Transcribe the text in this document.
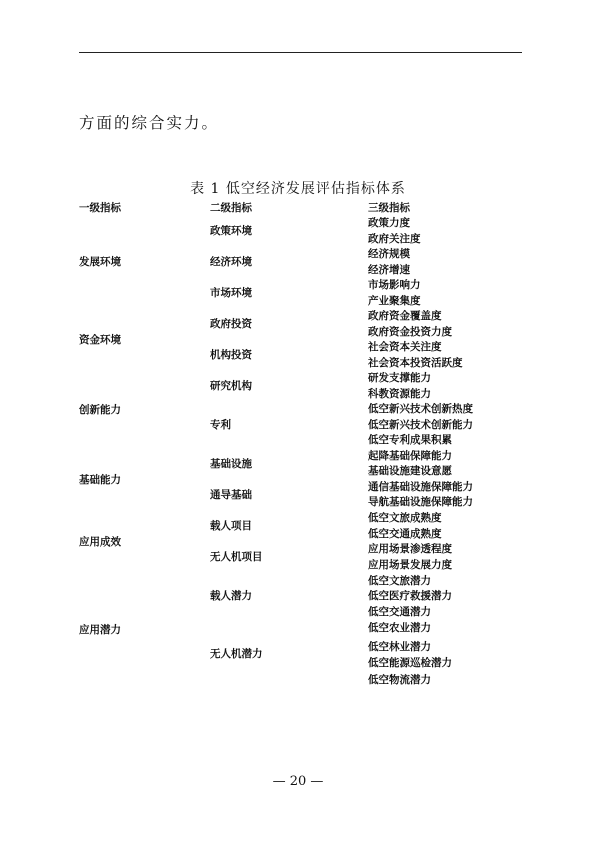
方面的综合实力。
表 1 低空经济发展评估指标体系
一级指标	二级指标	三级指标
发展环境
资金环境
创新能力
基础能力
应用成效
应用潜力
政策环境
经济环境
市场环境
政府投资
机构投资
研究机构
专利
基础设施
通导基础
载人项目
无人机项目
载人潜力
无人机潜力
政策力度
政府关注度
经济规模
经济增速
市场影响力
产业聚集度
政府资金覆盖度
政府资金投资力度
社会资本关注度
社会资本投资活跃度
研发支撑能力
科教资源能力
低空新兴技术创新热度
低空新兴技术创新能力
低空专利成果积累
起降基础保障能力
基础设施建设意愿
通信基础设施保障能力
导航基础设施保障能力
低空文旅成熟度
低空交通成熟度
应用场景渗透程度
应用场景发展力度
低空文旅潜力
低空医疗救援潜力
低空交通潜力
低空农业潜力
低空林业潜力
低空能源巡检潜力
低空物流潜力
— 20 —
